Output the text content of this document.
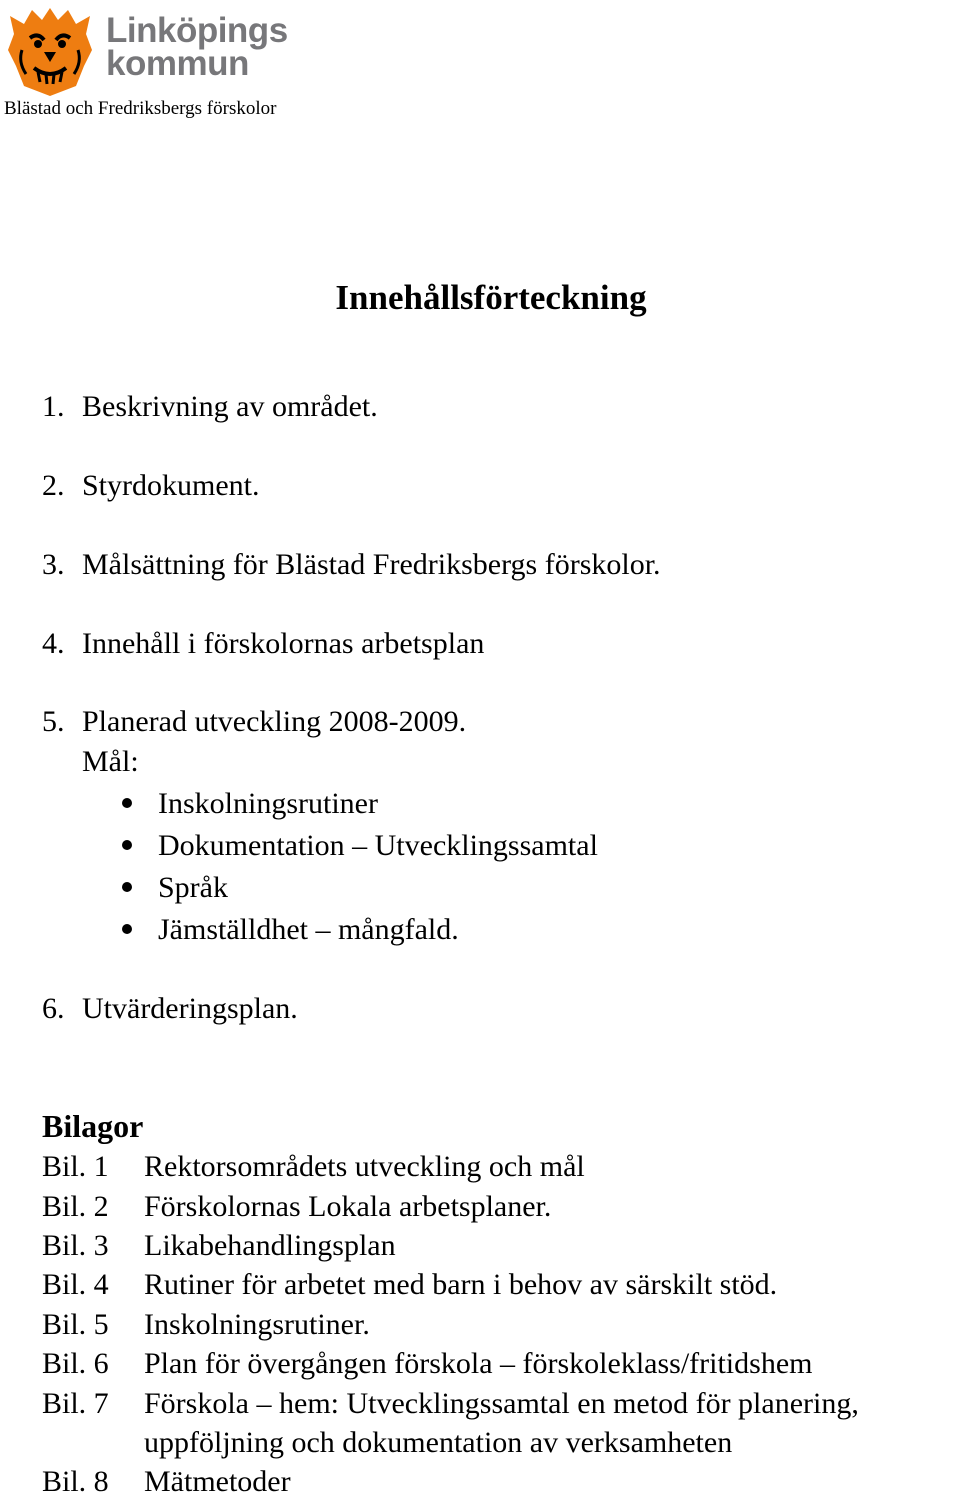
Linköpings
kommun
Blästad och Fredriksbergs förskolor
Innehållsförteckning
1. Beskrivning av området.
2. Styrdokument.
3. Målsättning för Blästad Fredriksbergs förskolor.
4. Innehåll i förskolornas arbetsplan
5. Planerad utveckling 2008-2009.
Mål:
Inskolningsrutiner
Dokumentation – Utvecklingssamtal
Språk
Jämställdhet – mångfald.
6. Utvärderingsplan.
Bilagor
Bil. 1 Rektorsområdets utveckling och mål
Bil. 2 Förskolornas Lokala arbetsplaner.
Bil. 3 Likabehandlingsplan
Bil. 4 Rutiner för arbetet med barn i behov av särskilt stöd.
Bil. 5 Inskolningsrutiner.
Bil. 6 Plan för övergången förskola – förskoleklass/fritidshem
Bil. 7 Förskola – hem: Utvecklingssamtal en metod för planering,
uppföljning och dokumentation av verksamheten
Bil. 8 Mätmetoder
